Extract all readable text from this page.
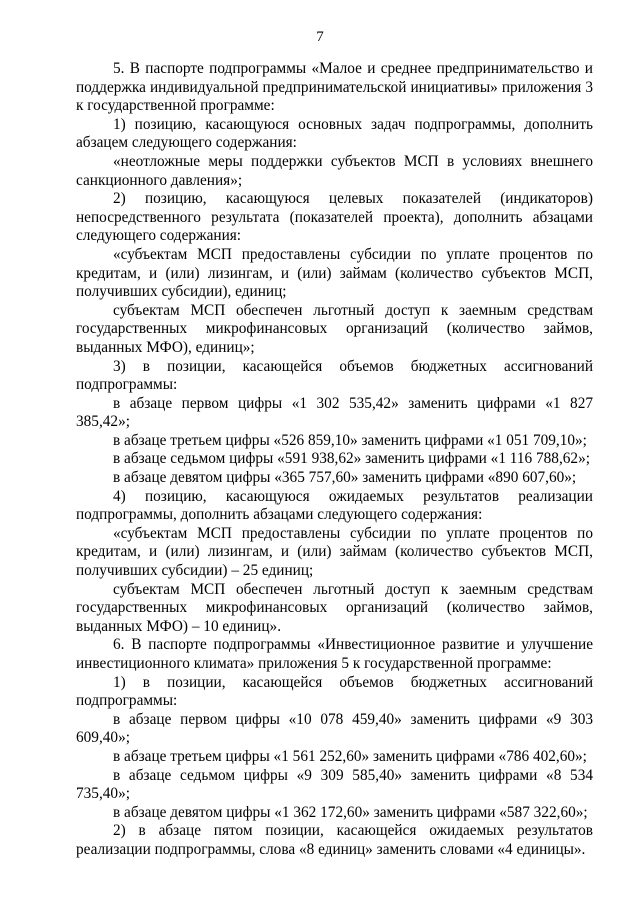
7

5. В паспорте подпрограммы «Малое и среднее предпринимательство и поддержка индивидуальной предпринимательской инициативы» приложения 3 к государственной программе:

1) позицию, касающуюся основных задач подпрограммы, дополнить абзацем следующего содержания:

«неотложные меры поддержки субъектов МСП в условиях внешнего санкционного давления»;

2) позицию, касающуюся целевых показателей (индикаторов) непосредственного результата (показателей проекта), дополнить абзацами следующего содержания:

«субъектам МСП предоставлены субсидии по уплате процентов по кредитам, и (или) лизингам, и (или) займам (количество субъектов МСП, получивших субсидии), единиц;

субъектам МСП обеспечен льготный доступ к заемным средствам государственных микрофинансовых организаций (количество займов, выданных МФО), единиц»;

3) в позиции, касающейся объемов бюджетных ассигнований подпрограммы:

в абзаце первом цифры «1 302 535,42» заменить цифрами «1 827 385,42»;

в абзаце третьем цифры «526 859,10» заменить цифрами «1 051 709,10»;

в абзаце седьмом цифры «591 938,62» заменить цифрами «1 116 788,62»;

в абзаце девятом цифры «365 757,60» заменить цифрами «890 607,60»;

4) позицию, касающуюся ожидаемых результатов реализации подпрограммы, дополнить абзацами следующего содержания:

«субъектам МСП предоставлены субсидии по уплате процентов по кредитам, и (или) лизингам, и (или) займам (количество субъектов МСП, получивших субсидии) – 25 единиц;

субъектам МСП обеспечен льготный доступ к заемным средствам государственных микрофинансовых организаций (количество займов, выданных МФО) – 10 единиц».

6. В паспорте подпрограммы «Инвестиционное развитие и улучшение инвестиционного климата» приложения 5 к государственной программе:

1) в позиции, касающейся объемов бюджетных ассигнований подпрограммы:

в абзаце первом цифры «10 078 459,40» заменить цифрами «9 303 609,40»;

в абзаце третьем цифры «1 561 252,60» заменить цифрами «786 402,60»;

в абзаце седьмом цифры «9 309 585,40» заменить цифрами «8 534 735,40»;

в абзаце девятом цифры «1 362 172,60» заменить цифрами «587 322,60»;

2) в абзаце пятом позиции, касающейся ожидаемых результатов реализации подпрограммы, слова «8 единиц» заменить словами «4 единицы».
